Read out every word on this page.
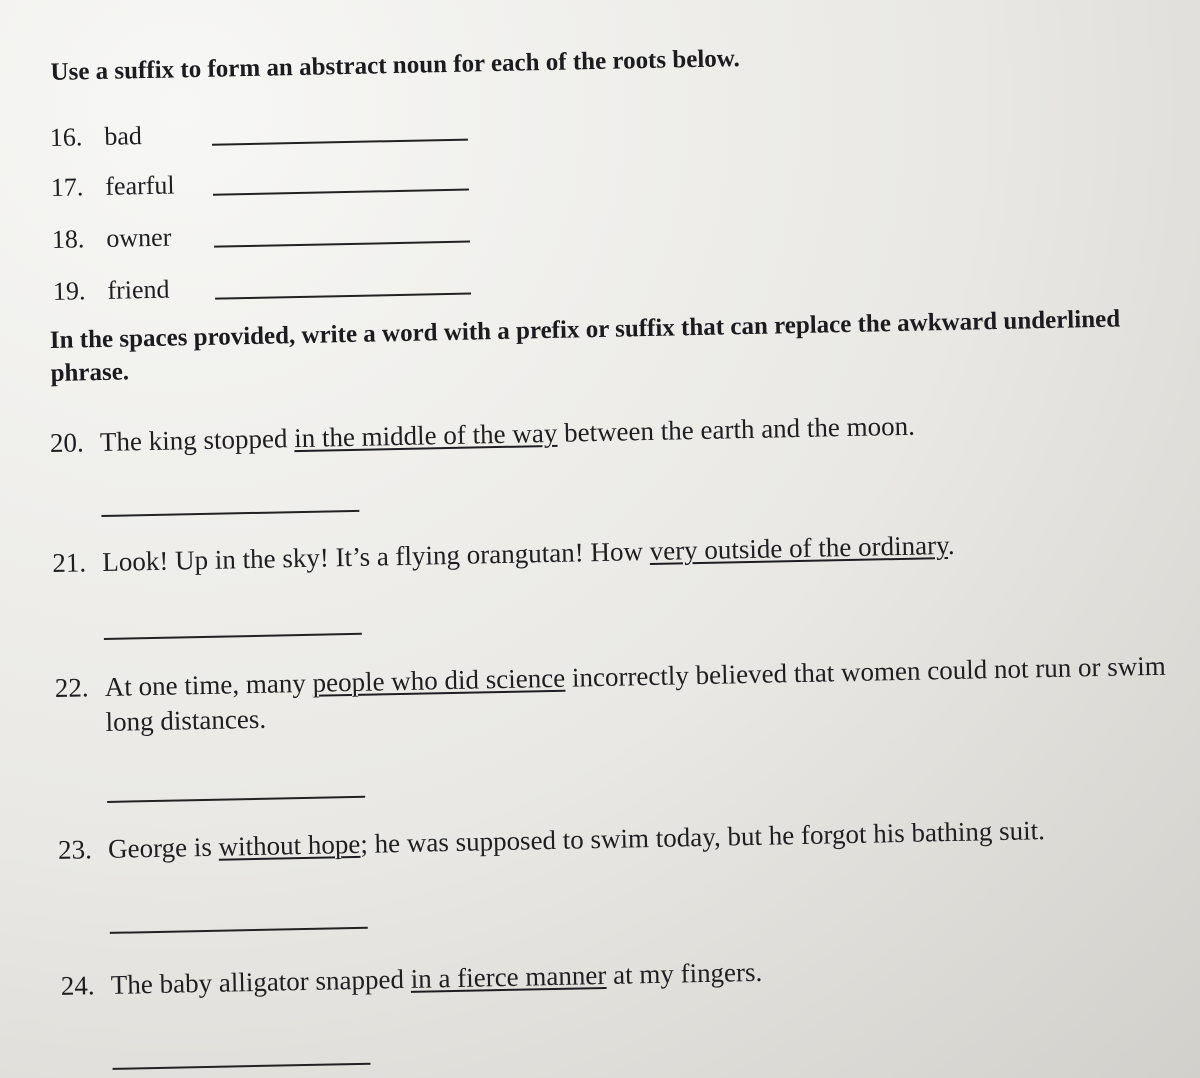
Use a suffix to form an abstract noun for each of the roots below.
16. bad
17. fearful
18. owner
19. friend
In the spaces provided, write a word with a prefix or suffix that can replace the awkward underlined phrase.
20. The king stopped in the middle of the way between the earth and the moon.
21. Look! Up in the sky! It’s a flying orangutan! How very outside of the ordinary.
22. At one time, many people who did science incorrectly believed that women could not run or swim long distances.
23. George is without hope; he was supposed to swim today, but he forgot his bathing suit.
24. The baby alligator snapped in a fierce manner at my fingers.
